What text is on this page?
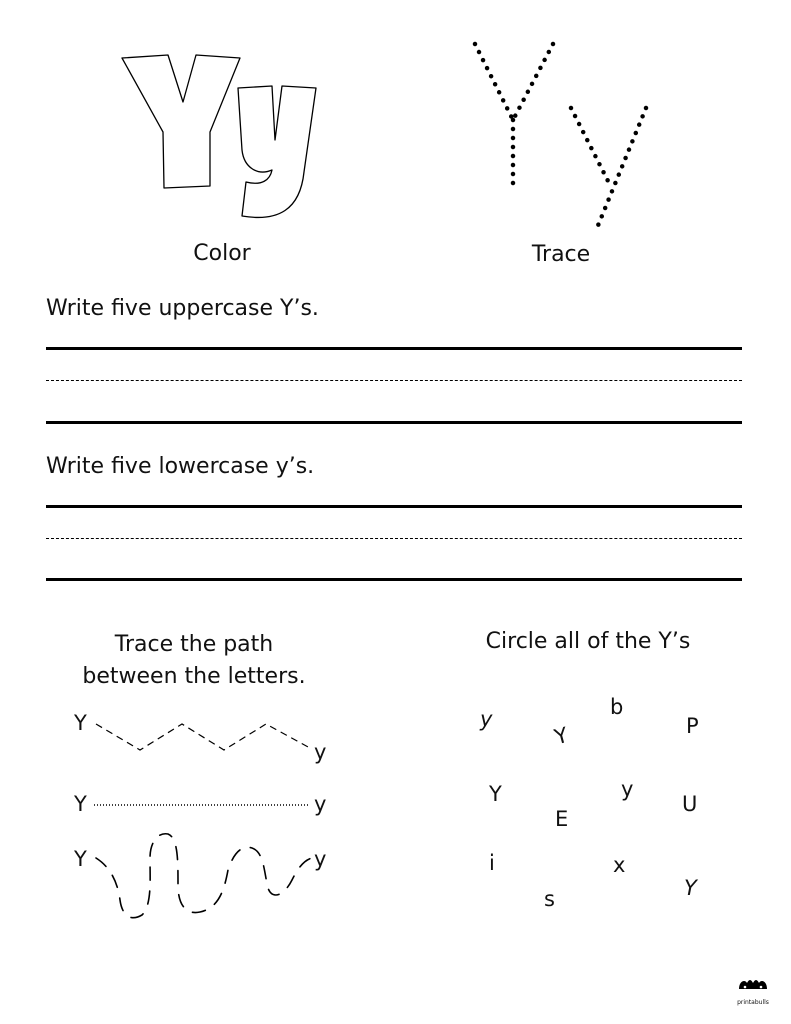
Color	Trace
Write five uppercase Y’s.
Write five lowercase y’s.
Trace the path
between the letters.
Y
y
Y	y
Y	y
Circle all of the Y’s
y
Y
b
P
Y	y
U
E
i	x
Y
s
printabulls
